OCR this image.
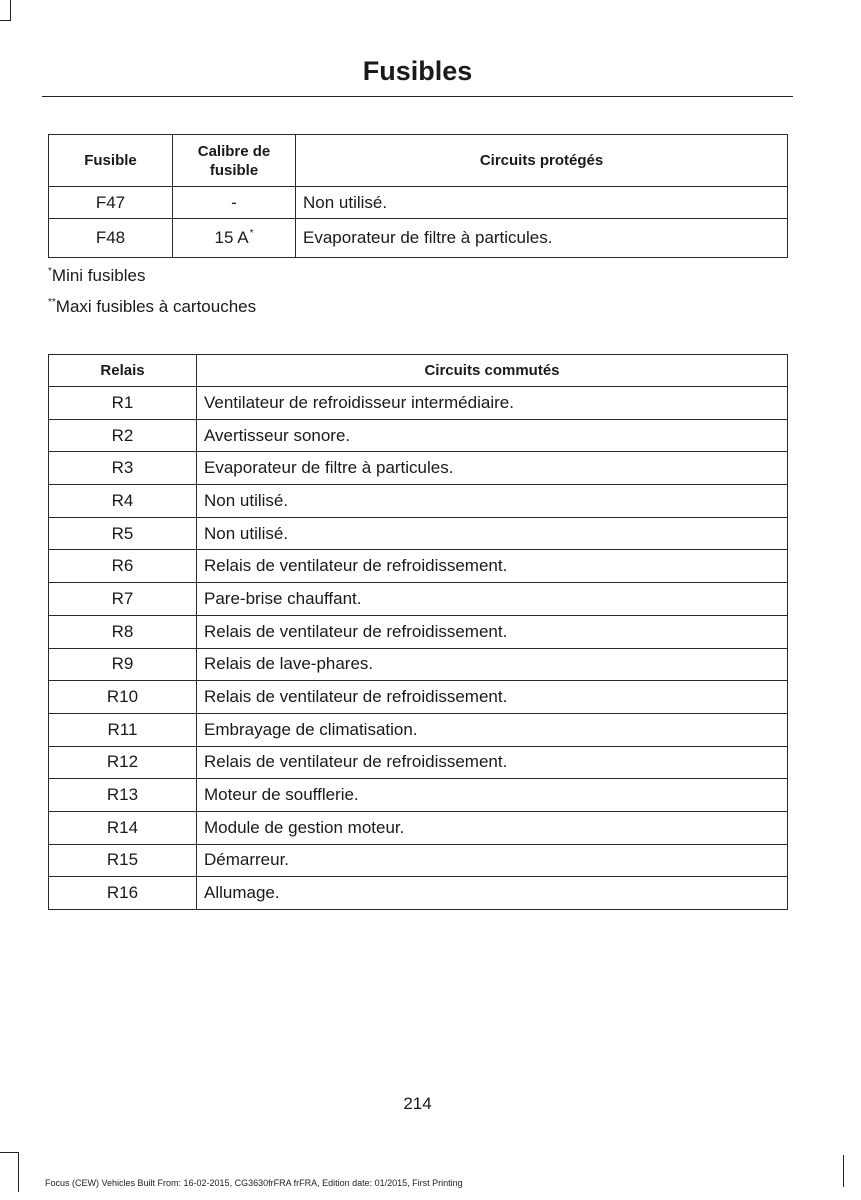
Fusibles
Fusible	Calibre de fusible	Circuits protégés
F47	-	Non utilisé.
F48	15 A*	Evaporateur de filtre à particules.
*Mini fusibles
**Maxi fusibles à cartouches
Relais	Circuits commutés
R1	Ventilateur de refroidisseur intermédiaire.
R2	Avertisseur sonore.
R3	Evaporateur de filtre à particules.
R4	Non utilisé.
R5	Non utilisé.
R6	Relais de ventilateur de refroidissement.
R7	Pare-brise chauffant.
R8	Relais de ventilateur de refroidissement.
R9	Relais de lave-phares.
R10	Relais de ventilateur de refroidissement.
R11	Embrayage de climatisation.
R12	Relais de ventilateur de refroidissement.
R13	Moteur de soufflerie.
R14	Module de gestion moteur.
R15	Démarreur.
R16	Allumage.
214
Focus (CEW) Vehicles Built From: 16-02-2015, CG3630frFRA frFRA, Edition date: 01/2015, First Printing
